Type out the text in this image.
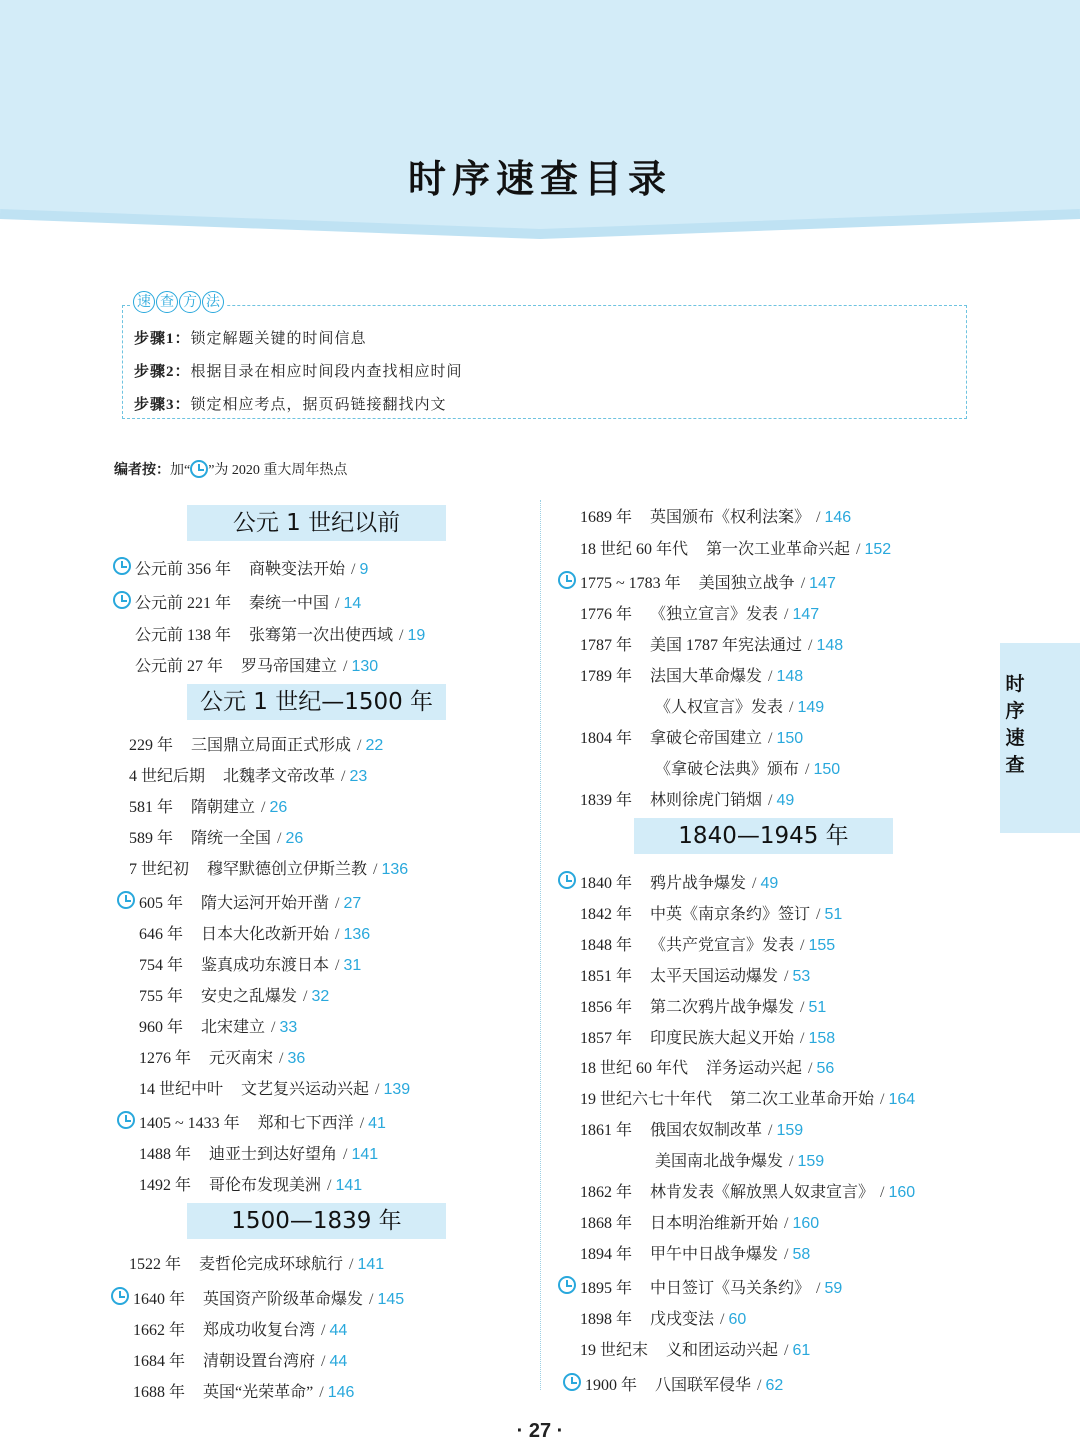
时序速查目录
速 查 方 法
步骤1：锁定解题关键的时间信息
步骤2：根据目录在相应时间段内查找相应时间
步骤3：锁定相应考点，据页码链接翻找内文
编者按： 加“ ”为 2020 重大周年热点
公元 1 世纪以前
公元前 356 年 商鞅变法开始 / 9
公元前 221 年 秦统一中国 / 14
公元前 138 年 张骞第一次出使西域 / 19
公元前 27 年 罗马帝国建立 / 130
公元 1 世纪—1500 年
229 年 三国鼎立局面正式形成 / 22
4 世纪后期 北魏孝文帝改革 / 23
581 年 隋朝建立 / 26
589 年 隋统一全国 / 26
7 世纪初 穆罕默德创立伊斯兰教 / 136
605 年 隋大运河开始开凿 / 27
646 年 日本大化改新开始 / 136
754 年 鉴真成功东渡日本 / 31
755 年 安史之乱爆发 / 32
960 年 北宋建立 / 33
1276 年 元灭南宋 / 36
14 世纪中叶 文艺复兴运动兴起 / 139
1405 ~ 1433 年 郑和七下西洋 / 41
1488 年 迪亚士到达好望角 / 141
1492 年 哥伦布发现美洲 / 141
1500—1839 年
1522 年 麦哲伦完成环球航行 / 141
1640 年 英国资产阶级革命爆发 / 145
1662 年 郑成功收复台湾 / 44
1684 年 清朝设置台湾府 / 44
1688 年 英国“光荣革命” / 146
1689 年 英国颁布《权利法案》 / 146
18 世纪 60 年代 第一次工业革命兴起 / 152
1775 ~ 1783 年 美国独立战争 / 147
1776 年 《独立宣言》发表 / 147
1787 年 美国 1787 年宪法通过 / 148
1789 年 法国大革命爆发 / 148
《人权宣言》发表 / 149
1804 年 拿破仑帝国建立 / 150
《拿破仑法典》颁布 / 150
1839 年 林则徐虎门销烟 / 49
1840—1945 年
1840 年 鸦片战争爆发 / 49
1842 年 中英《南京条约》签订 / 51
1848 年 《共产党宣言》发表 / 155
1851 年 太平天国运动爆发 / 53
1856 年 第二次鸦片战争爆发 / 51
1857 年 印度民族大起义开始 / 158
18 世纪 60 年代 洋务运动兴起 / 56
19 世纪六七十年代 第二次工业革命开始 / 164
1861 年 俄国农奴制改革 / 159
美国南北战争爆发 / 159
1862 年 林肯发表《解放黑人奴隶宣言》 / 160
1868 年 日本明治维新开始 / 160
1894 年 甲午中日战争爆发 / 58
1895 年 中日签订《马关条约》 / 59
1898 年 戊戌变法 / 60
19 世纪末 义和团运动兴起 / 61
1900 年 八国联军侵华 / 62
时序速查
· 27 ·
